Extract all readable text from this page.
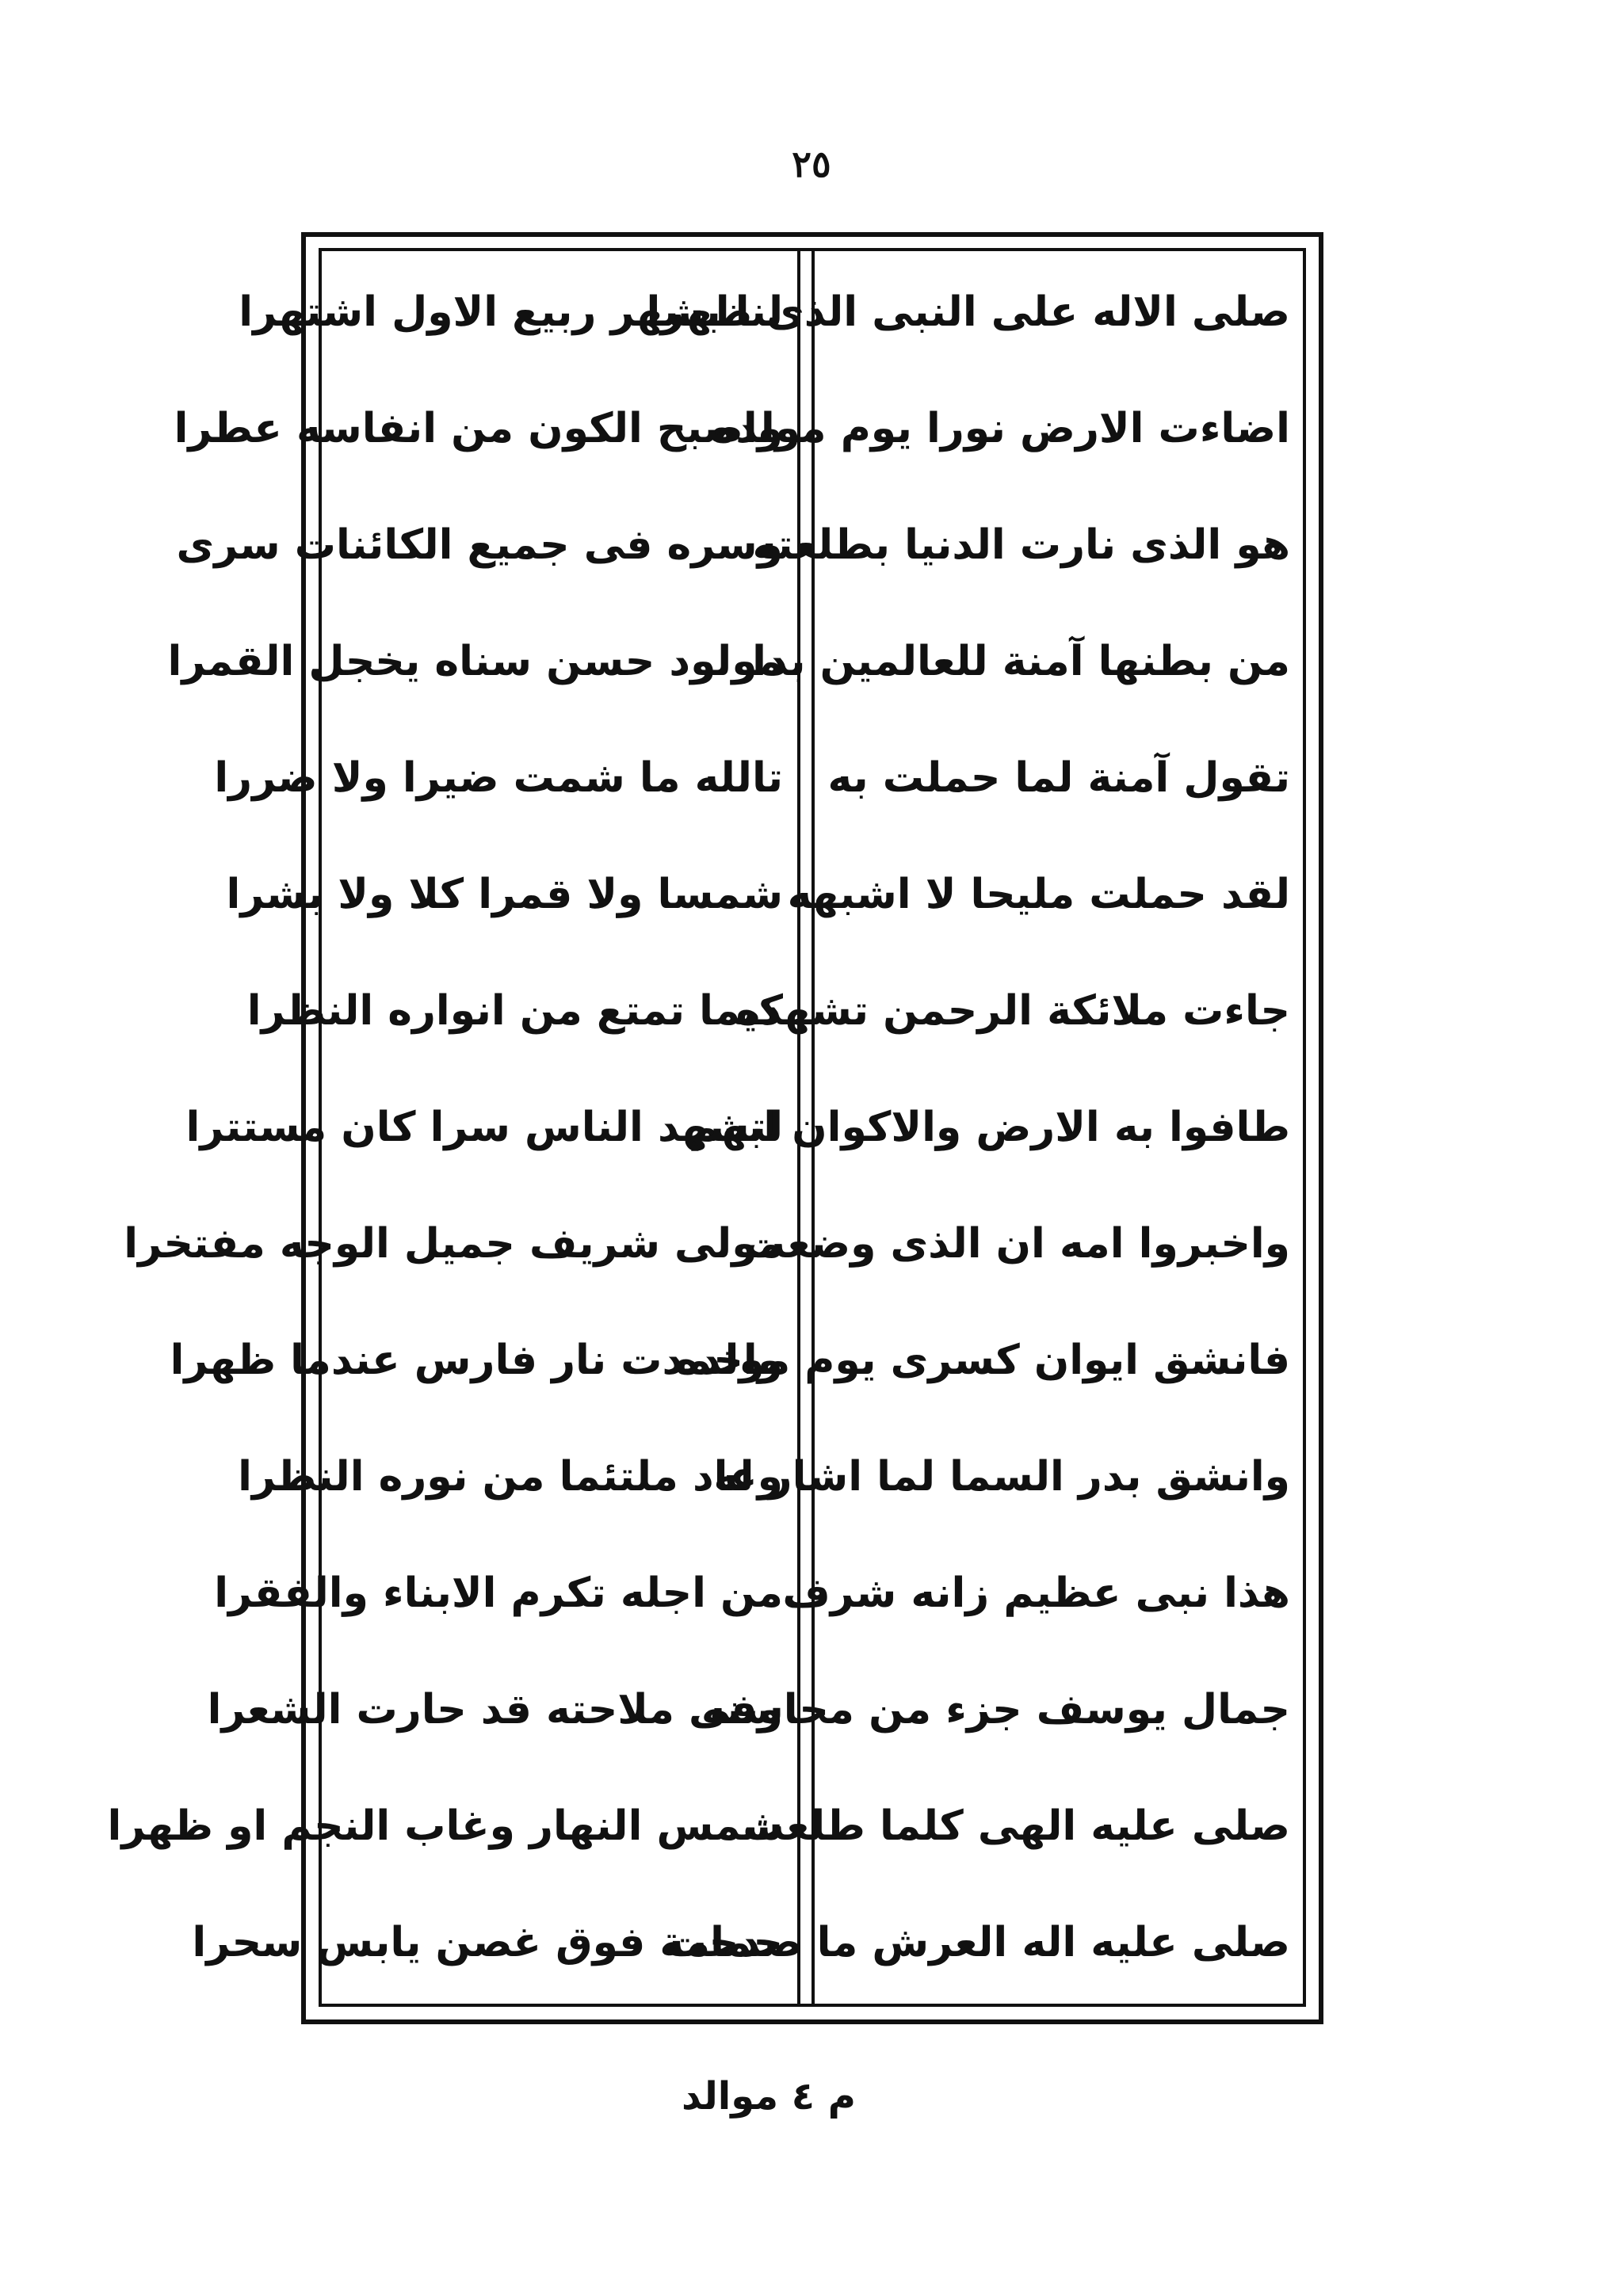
٢٥
صلى الاله على النبى الذى ظهرا
اضاءت الارض نورا يوم مولده
هو الذى نارت الدنيا بطلعته
من بطنها آمنة للعالمين بدا
تقول آمنة لما حملت به
لقد حملت مليحا لا اشبهه
جاءت ملائكة الرحمن تشهده
طافوا به الارض والاكوان ابهم
واخبروا امه ان الذى وضعت
فانشق ايوان كسرى يوم مولده
وانشق بدر السما لما اشار له
هذا نبى عظيم زانه شرف
جمال يوسف جزء من محاسنه
صلى عليه الهى كلما طلعت
صلى عليه اله العرش ما صدحت
لنا بشهر ربيع الاول اشتهرا
واصبح الكون من انفاسه عطرا
وسره فى جميع الكائنات سرى
مولود حسن سناه يخجل القمرا
تالله ما شمت ضيرا ولا ضررا
شمسا ولا قمرا كلا ولا بشرا
كيما تمتع من انواره النظرا
لتشهد الناس سرا كان مستترا
مولى شريف جميل الوجه مفتخرا
واخمدت نار فارس عندما ظهرا
وعاد ملتئما من نوره النظرا
من اجله تكرم الابناء والفقرا
وفى ملاحته قد حارت الشعرا
شمس النهار وغاب النجم او ظهرا
حمامة فوق غصن يابس سحرا
م ٤ موالد
